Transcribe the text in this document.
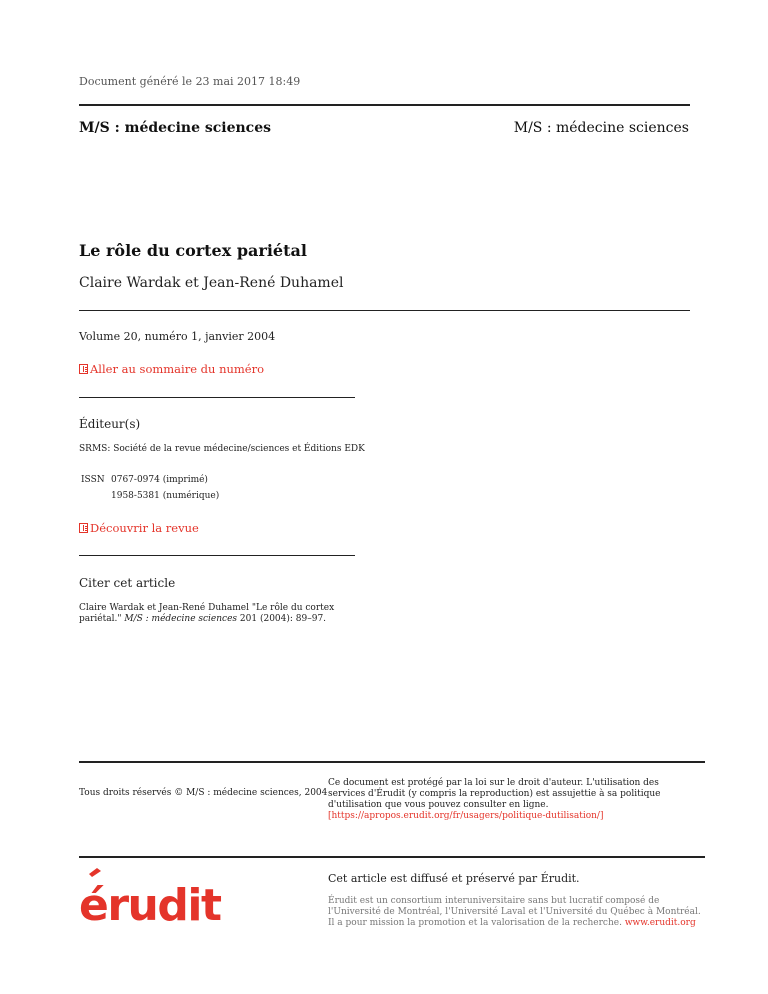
Document généré le 23 mai 2017 18:49
M/S : médecine sciences	M/S : médecine sciences
Le rôle du cortex pariétal
Claire Wardak et Jean-René Duhamel
Volume 20, numéro 1, janvier 2004
Aller au sommaire du numéro
Éditeur(s)
SRMS: Société de la revue médecine/sciences et Éditions EDK
ISSN	0767-0974 (imprimé)
	1958-5381 (numérique)
Découvrir la revue
Citer cet article
Claire Wardak et Jean-René Duhamel "Le rôle du cortex pariétal." M/S : médecine sciences 201 (2004): 89–97.
Tous droits réservés © M/S : médecine sciences, 2004
Ce document est protégé par la loi sur le droit d'auteur. L'utilisation des services d'Érudit (y compris la reproduction) est assujettie à sa politique d'utilisation que vous pouvez consulter en ligne. [https://apropos.erudit.org/fr/usagers/politique-dutilisation/]
érudit
Cet article est diffusé et préservé par Érudit.
Érudit est un consortium interuniversitaire sans but lucratif composé de l'Université de Montréal, l'Université Laval et l'Université du Québec à Montréal. Il a pour mission la promotion et la valorisation de la recherche. www.erudit.org
